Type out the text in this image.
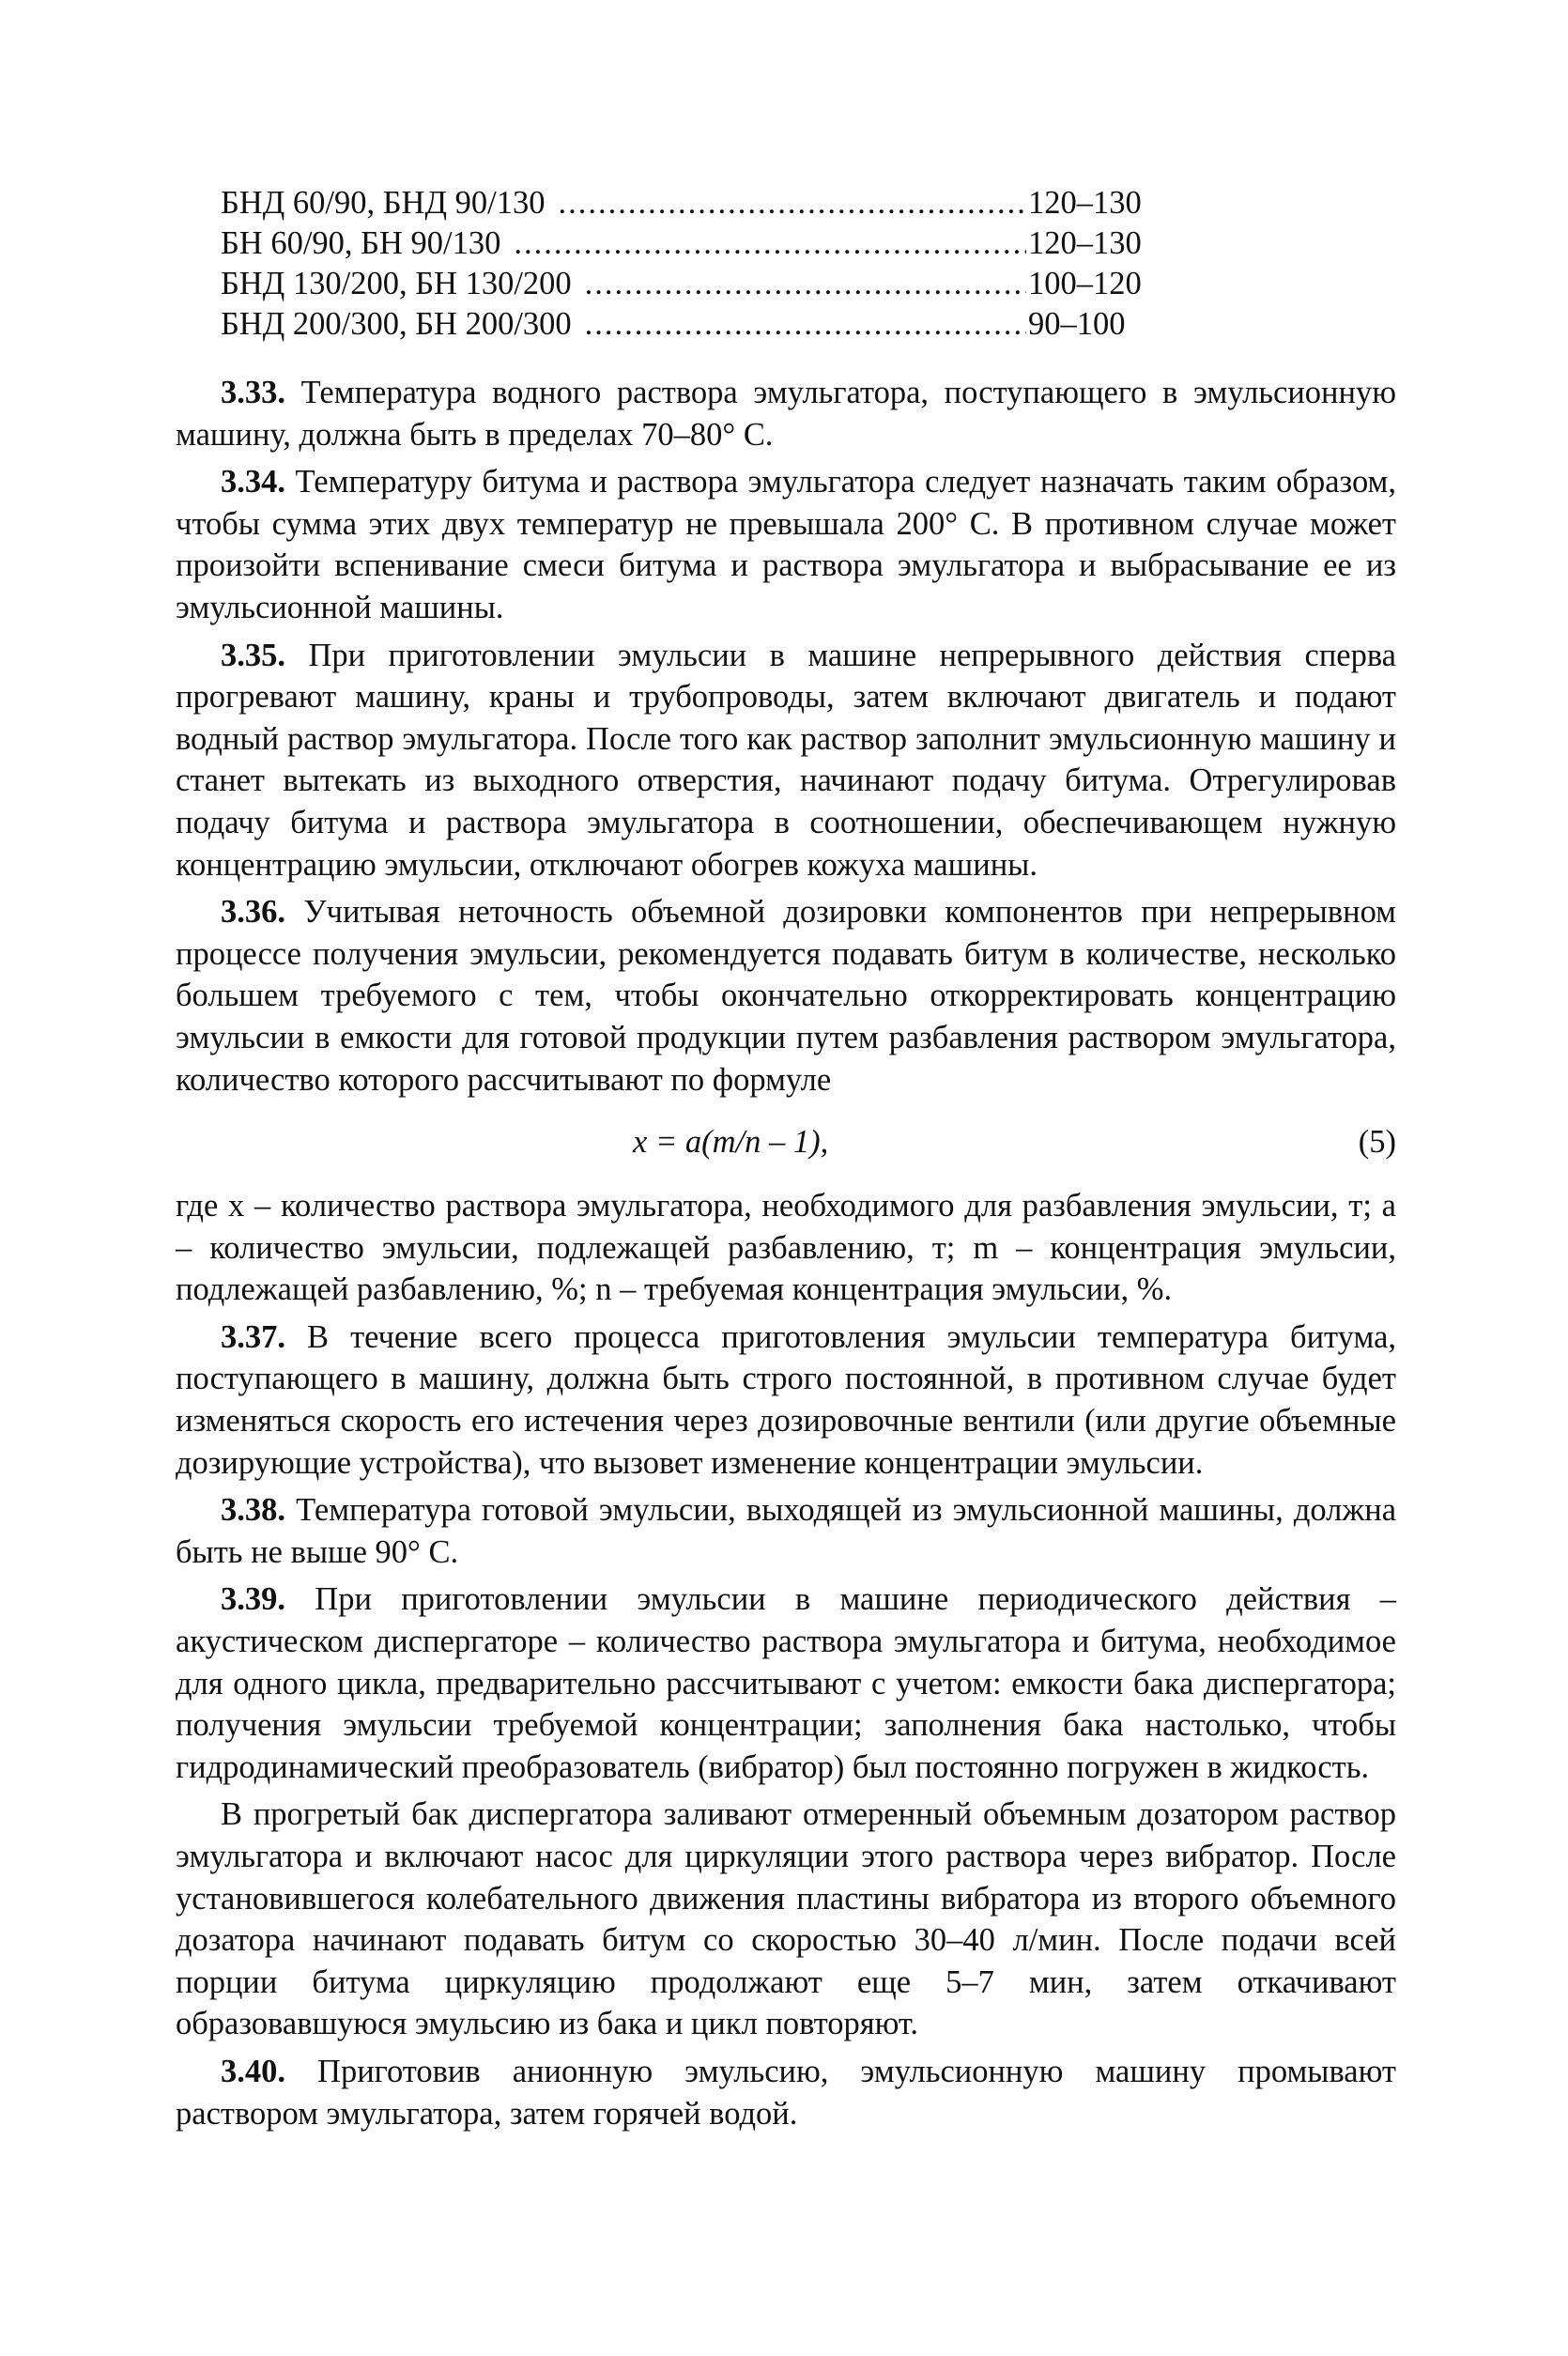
БНД 60/90, БНД 90/130 .....	120–130
БН 60/90, БН 90/130 .....	120–130
БНД 130/200, БН 130/200 .....	100–120
БНД 200/300, БН 200/300 .....	90–100

3.33. Температура водного раствора эмульгатора, поступающего в эмульсионную машину, должна быть в пределах 70–80° С.

3.34. Температуру битума и раствора эмульгатора следует назначать таким образом, чтобы сумма этих двух температур не превышала 200° С. В противном случае может произойти вспенивание смеси битума и раствора эмульгатора и выбрасывание ее из эмульсионной машины.

3.35. При приготовлении эмульсии в машине непрерывного действия сперва прогревают машину, краны и трубопроводы, затем включают двигатель и подают водный раствор эмульгатора. После того как раствор заполнит эмульсионную машину и станет вытекать из выходного отверстия, начинают подачу битума. Отрегулировав подачу битума и раствора эмульгатора в соотношении, обеспечивающем нужную концентрацию эмульсии, отключают обогрев кожуха машины.

3.36. Учитывая неточность объемной дозировки компонентов при непрерывном процессе получения эмульсии, рекомендуется подавать битум в количестве, несколько большем требуемого с тем, чтобы окончательно откорректировать концентрацию эмульсии в емкости для готовой продукции путем разбавления раствором эмульгатора, количество которого рассчитывают по формуле

x = a(m/n – 1),	(5)

где x – количество раствора эмульгатора, необходимого для разбавления эмульсии, т; a – количество эмульсии, подлежащей разбавлению, т; m – концентрация эмульсии, подлежащей разбавлению, %; n – требуемая концентрация эмульсии, %.

3.37. В течение всего процесса приготовления эмульсии температура битума, поступающего в машину, должна быть строго постоянной, в противном случае будет изменяться скорость его истечения через дозировочные вентили (или другие объемные дозирующие устройства), что вызовет изменение концентрации эмульсии.

3.38. Температура готовой эмульсии, выходящей из эмульсионной машины, должна быть не выше 90° С.

3.39. При приготовлении эмульсии в машине периодического действия – акустическом диспергаторе – количество раствора эмульгатора и битума, необходимое для одного цикла, предварительно рассчитывают с учетом: емкости бака диспергатора; получения эмульсии требуемой концентрации; заполнения бака настолько, чтобы гидродинамический преобразователь (вибратор) был постоянно погружен в жидкость.

В прогретый бак диспергатора заливают отмеренный объемным дозатором раствор эмульгатора и включают насос для циркуляции этого раствора через вибратор. После установившегося колебательного движения пластины вибратора из второго объемного дозатора начинают подавать битум со скоростью 30–40 л/мин. После подачи всей порции битума циркуляцию продолжают еще 5–7 мин, затем откачивают образовавшуюся эмульсию из бака и цикл повторяют.

3.40. Приготовив анионную эмульсию, эмульсионную машину промывают раствором эмульгатора, затем горячей водой.
